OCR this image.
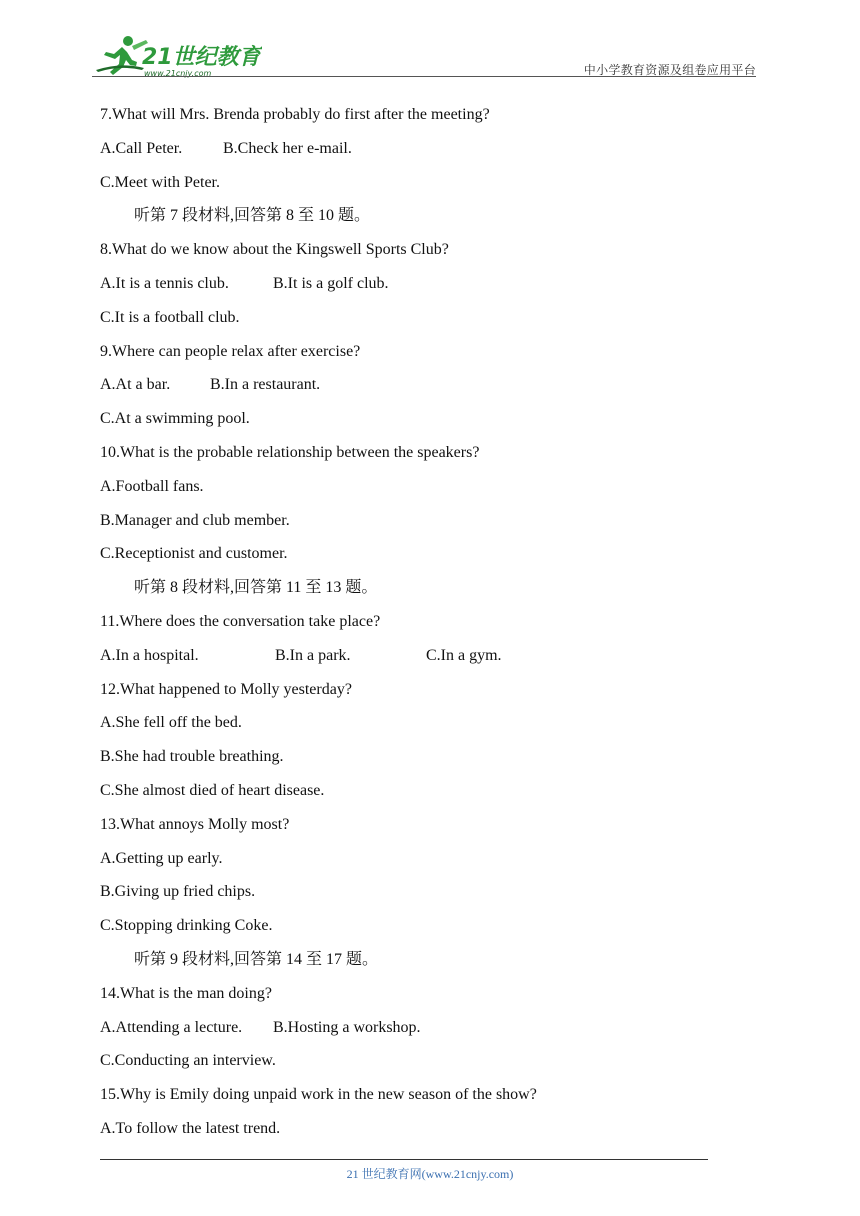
21世纪教育
www.21cnjy.com	中小学教育资源及组卷应用平台
7.What will Mrs. Brenda probably do first after the meeting?
A.Call Peter.	B.Check her e-mail.
C.Meet with Peter.
听第 7 段材料,回答第 8 至 10 题。
8.What do we know about the Kingswell Sports Club?
A.It is a tennis club.	B.It is a golf club.
C.It is a football club.
9.Where can people relax after exercise?
A.At a bar. B.In a restaurant.
C.At a swimming pool.
10.What is the probable relationship between the speakers?
A.Football fans.
B.Manager and club member.
C.Receptionist and customer.
听第 8 段材料,回答第 11 至 13 题。
11.Where does the conversation take place?
A.In a hospital.	B.In a park.	C.In a gym.
12.What happened to Molly yesterday?
A.She fell off the bed.
B.She had trouble breathing.
C.She almost died of heart disease.
13.What annoys Molly most?
A.Getting up early.
B.Giving up fried chips.
C.Stopping drinking Coke.
听第 9 段材料,回答第 14 至 17 题。
14.What is the man doing?
A.Attending a lecture. B.Hosting a workshop.
C.Conducting an interview.
15.Why is Emily doing unpaid work in the new season of the show?
A.To follow the latest trend.
21 世纪教育网(www.21cnjy.com)
